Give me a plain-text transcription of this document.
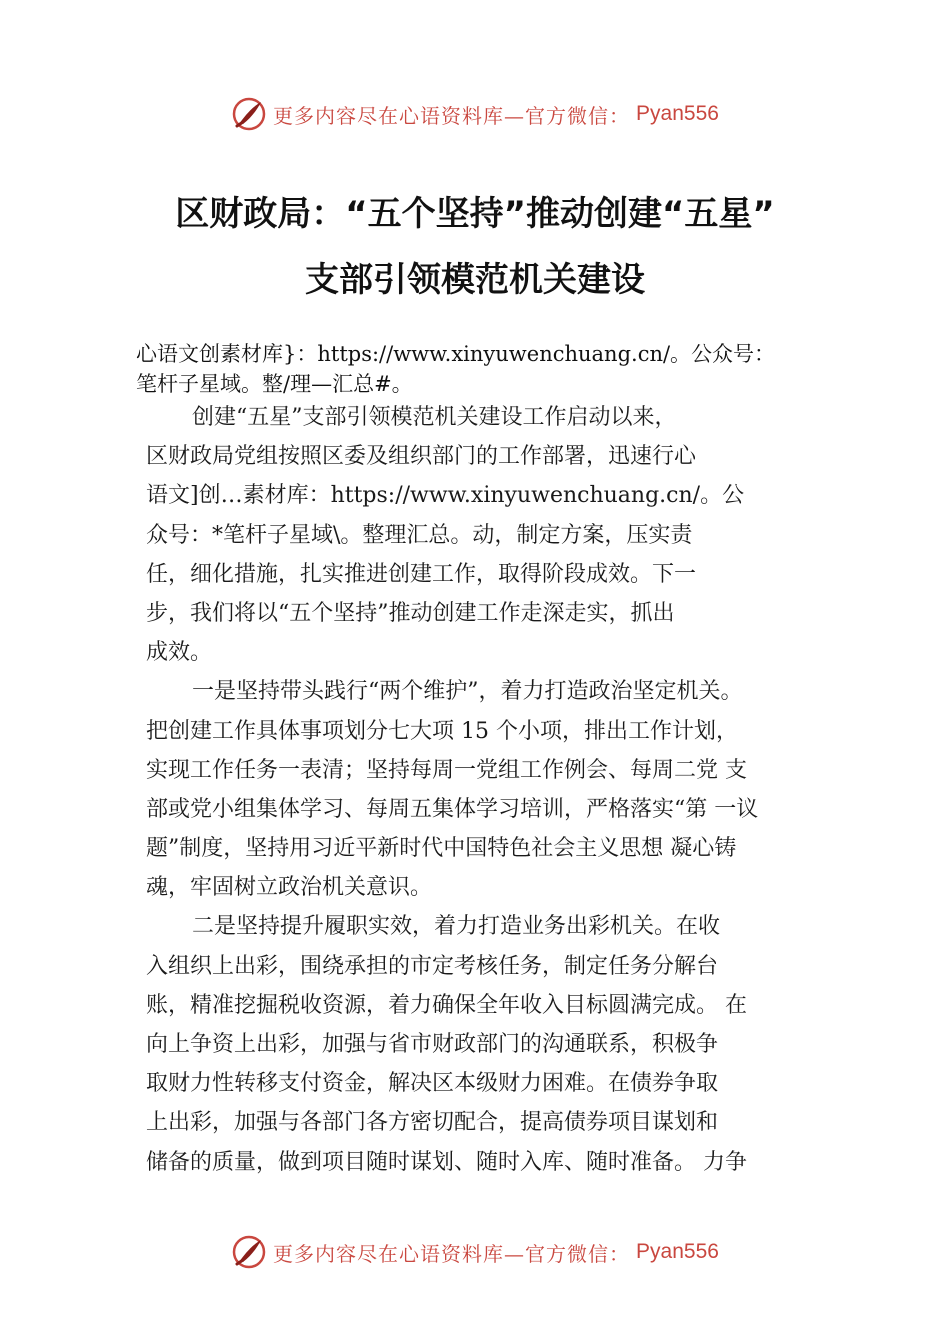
更多内容尽在心语资料库—官方微信： Pyan556
区财政局：“五个坚持”推动创建“五星”
支部引领模范机关建设
心语文创素材库}：https://www.xinyuwenchuang.cn/。公众号：
笔杆子星域。整/理—汇总#。
创建“五星”支部引领模范机关建设工作启动以来，
区财政局党组按照区委及组织部门的工作部署，迅速行心
语文]创…素材库：https://www.xinyuwenchuang.cn/。公
众号：*笔杆子星域\。整理汇总。动，制定方案，压实责
任，细化措施，扎实推进创建工作，取得阶段成效。下一
步，我们将以“五个坚持”推动创建工作走深走实，抓出
成效。
一是坚持带头践行“两个维护”，着力打造政治坚定机关。
把创建工作具体事项划分七大项 15 个小项，排出工作计划，
实现工作任务一表清；坚持每周一党组工作例会、每周二党 支
部或党小组集体学习、每周五集体学习培训，严格落实“第 一议
题”制度，坚持用习近平新时代中国特色社会主义思想 凝心铸
魂，牢固树立政治机关意识。
二是坚持提升履职实效，着力打造业务出彩机关。在收
入组织上出彩，围绕承担的市定考核任务，制定任务分解台
账，精准挖掘税收资源，着力确保全年收入目标圆满完成。 在
向上争资上出彩，加强与省市财政部门的沟通联系，积极争
取财力性转移支付资金，解决区本级财力困难。在债券争取
上出彩，加强与各部门各方密切配合，提高债券项目谋划和
储备的质量，做到项目随时谋划、随时入库、随时准备。 力争
更多内容尽在心语资料库—官方微信： Pyan556
